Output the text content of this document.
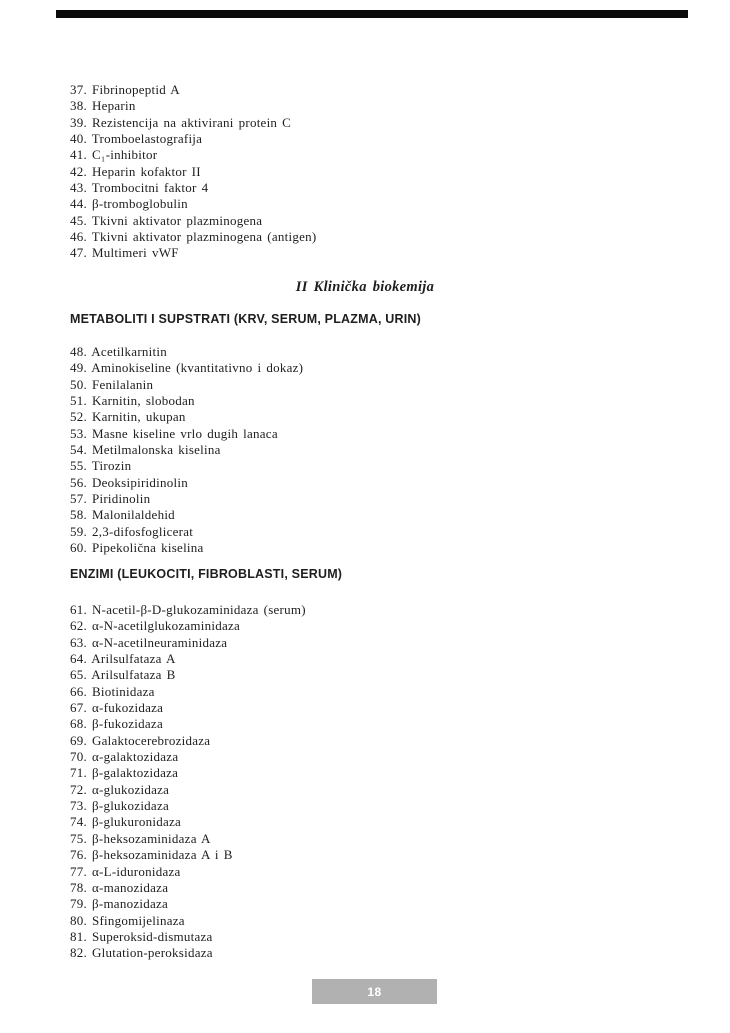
37. Fibrinopeptid A
38. Heparin
39. Rezistencija na aktivirani protein C
40. Tromboelastografija
41. C₁-inhibitor
42. Heparin kofaktor II
43. Trombocitni faktor 4
44. β-tromboglobulin
45. Tkivni aktivator plazminogena
46. Tkivni aktivator plazminogena (antigen)
47. Multimeri vWF
II Klinička biokemija
METABOLITI I SUPSTRATI (KRV, SERUM, PLAZMA, URIN)
48. Acetilkarnitin
49. Aminokiseline (kvantitativno i dokaz)
50. Fenilalanin
51. Karnitin, slobodan
52. Karnitin, ukupan
53. Masne kiseline vrlo dugih lanaca
54. Metilmalonska kiselina
55. Tirozin
56. Deoksipiridinolin
57. Piridinolin
58. Malonilaldehid
59. 2,3-difosfoglicerat
60. Pipekolična kiselina
ENZIMI (LEUKOCITI, FIBROBLASTI, SERUM)
61. N-acetil-β-D-glukozaminidaza (serum)
62. α-N-acetilglukozaminidaza
63. α-N-acetilneuraminidaza
64. Arilsulfataza A
65. Arilsulfataza B
66. Biotinidaza
67. α-fukozidaza
68. β-fukozidaza
69. Galaktocerebrozidaza
70. α-galaktozidaza
71. β-galaktozidaza
72. α-glukozidaza
73. β-glukozidaza
74. β-glukuronidaza
75. β-heksozaminidaza A
76. β-heksozaminidaza A i B
77. α-L-iduronidaza
78. α-manozidaza
79. β-manozidaza
80. Sfingomijelinaza
81. Superoksid-dismutaza
82. Glutation-peroksidaza
18
